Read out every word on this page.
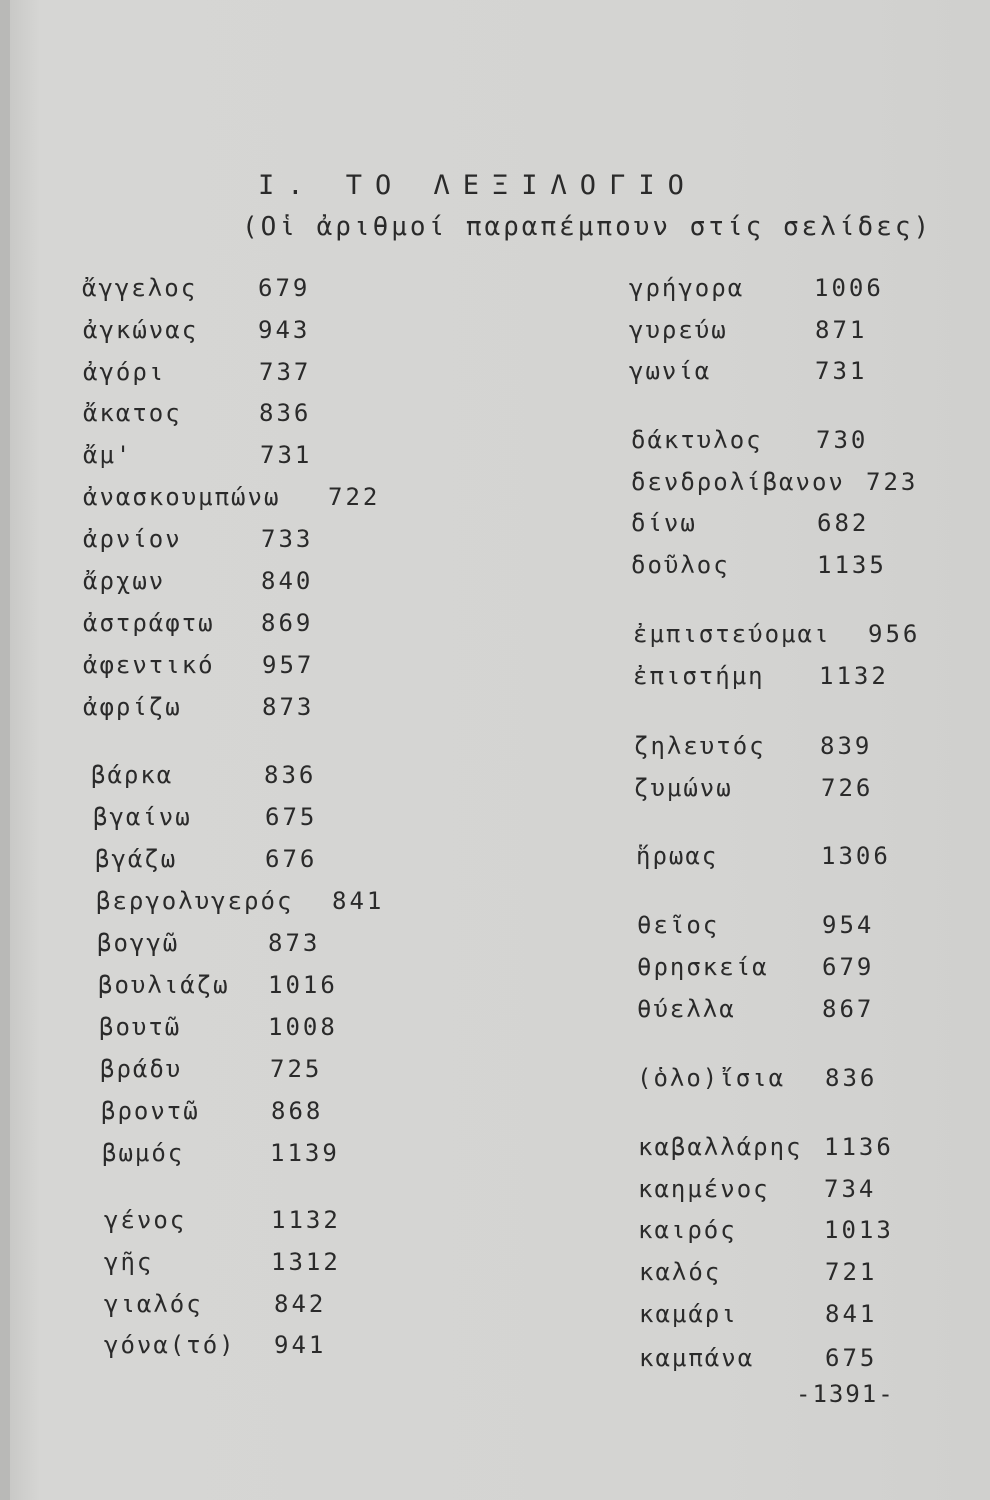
I. ΤΟ ΛΕΞΙΛΟΓΙΟ
(Οἱ ἀριθμοί παραπέμπουν στίς σελίδες)
ἄγγελος	679
ἀγκώνας 943
ἀγόρι	737
ἄκατος	836
ἄμ'	731
ἀνασκουμπώνω 722
ἀρνίον	733
ἄρχων	840
ἀστράφτω 869
ἀφεντικό 957
ἀφρίζω	873
βάρκα	836
βγαίνω	675
βγάζω	676
βεργολυγερός 841
βογγῶ	873
βουλιάζω 1016
βουτῶ	1008
βράδυ	725
βροντῶ	868
βωμός	1139
γένος	1132
γῆς	1312
γιαλός	842
γόνα(τό) 941
γρήγορα	1006
γυρεύω	871
γωνία	731
δάκτυλος 730
δενδρολίβανον 723
δίνω	682
δοῦλος	1135
ἐμπιστεύομαι 956
ἐπιστήμη 1132
ζηλευτός 839
ζυμώνω	726
ἥρωας	1306
θεῖος	954
θρησκεία 679
θύελλα	867
(ὁλο)ἴσια 836
καβαλλάρης 1136
καημένος 734
καιρός	1013
καλός	721
καμάρι	841
καμπάνα	675
-1391-
